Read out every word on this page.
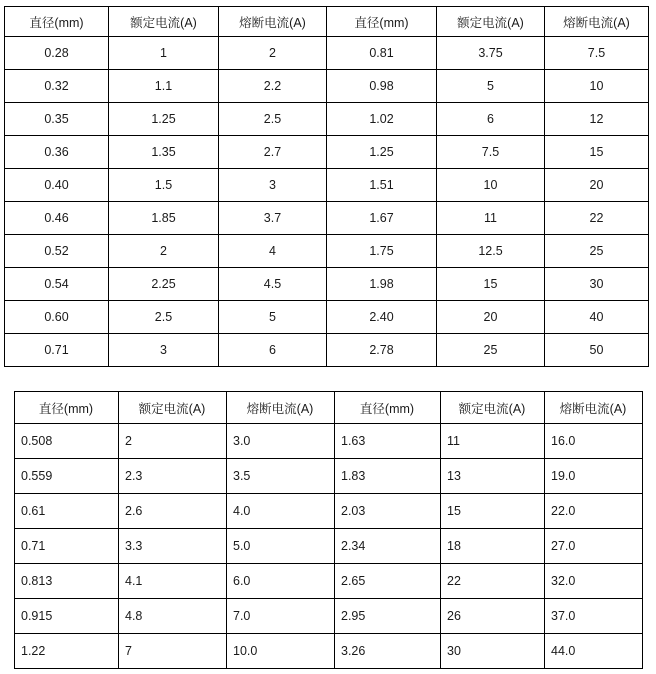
直径(mm)	额定电流(A)	熔断电流(A)	直径(mm)	额定电流(A)	熔断电流(A)
0.28	1	2	0.81	3.75	7.5
0.32	1.1	2.2	0.98	5	10
0.35	1.25	2.5	1.02	6	12
0.36	1.35	2.7	1.25	7.5	15
0.40	1.5	3	1.51	10	20
0.46	1.85	3.7	1.67	11	22
0.52	2	4	1.75	12.5	25
0.54	2.25	4.5	1.98	15	30
0.60	2.5	5	2.40	20	40
0.71	3	6	2.78	25	50
直径(mm)	额定电流(A)	熔断电流(A)	直径(mm)	额定电流(A)	熔断电流(A)
0.508	2	3.0	1.63	11	16.0
0.559	2.3	3.5	1.83	13	19.0
0.61	2.6	4.0	2.03	15	22.0
0.71	3.3	5.0	2.34	18	27.0
0.813	4.1	6.0	2.65	22	32.0
0.915	4.8	7.0	2.95	26	37.0
1.22	7	10.0	3.26	30	44.0
